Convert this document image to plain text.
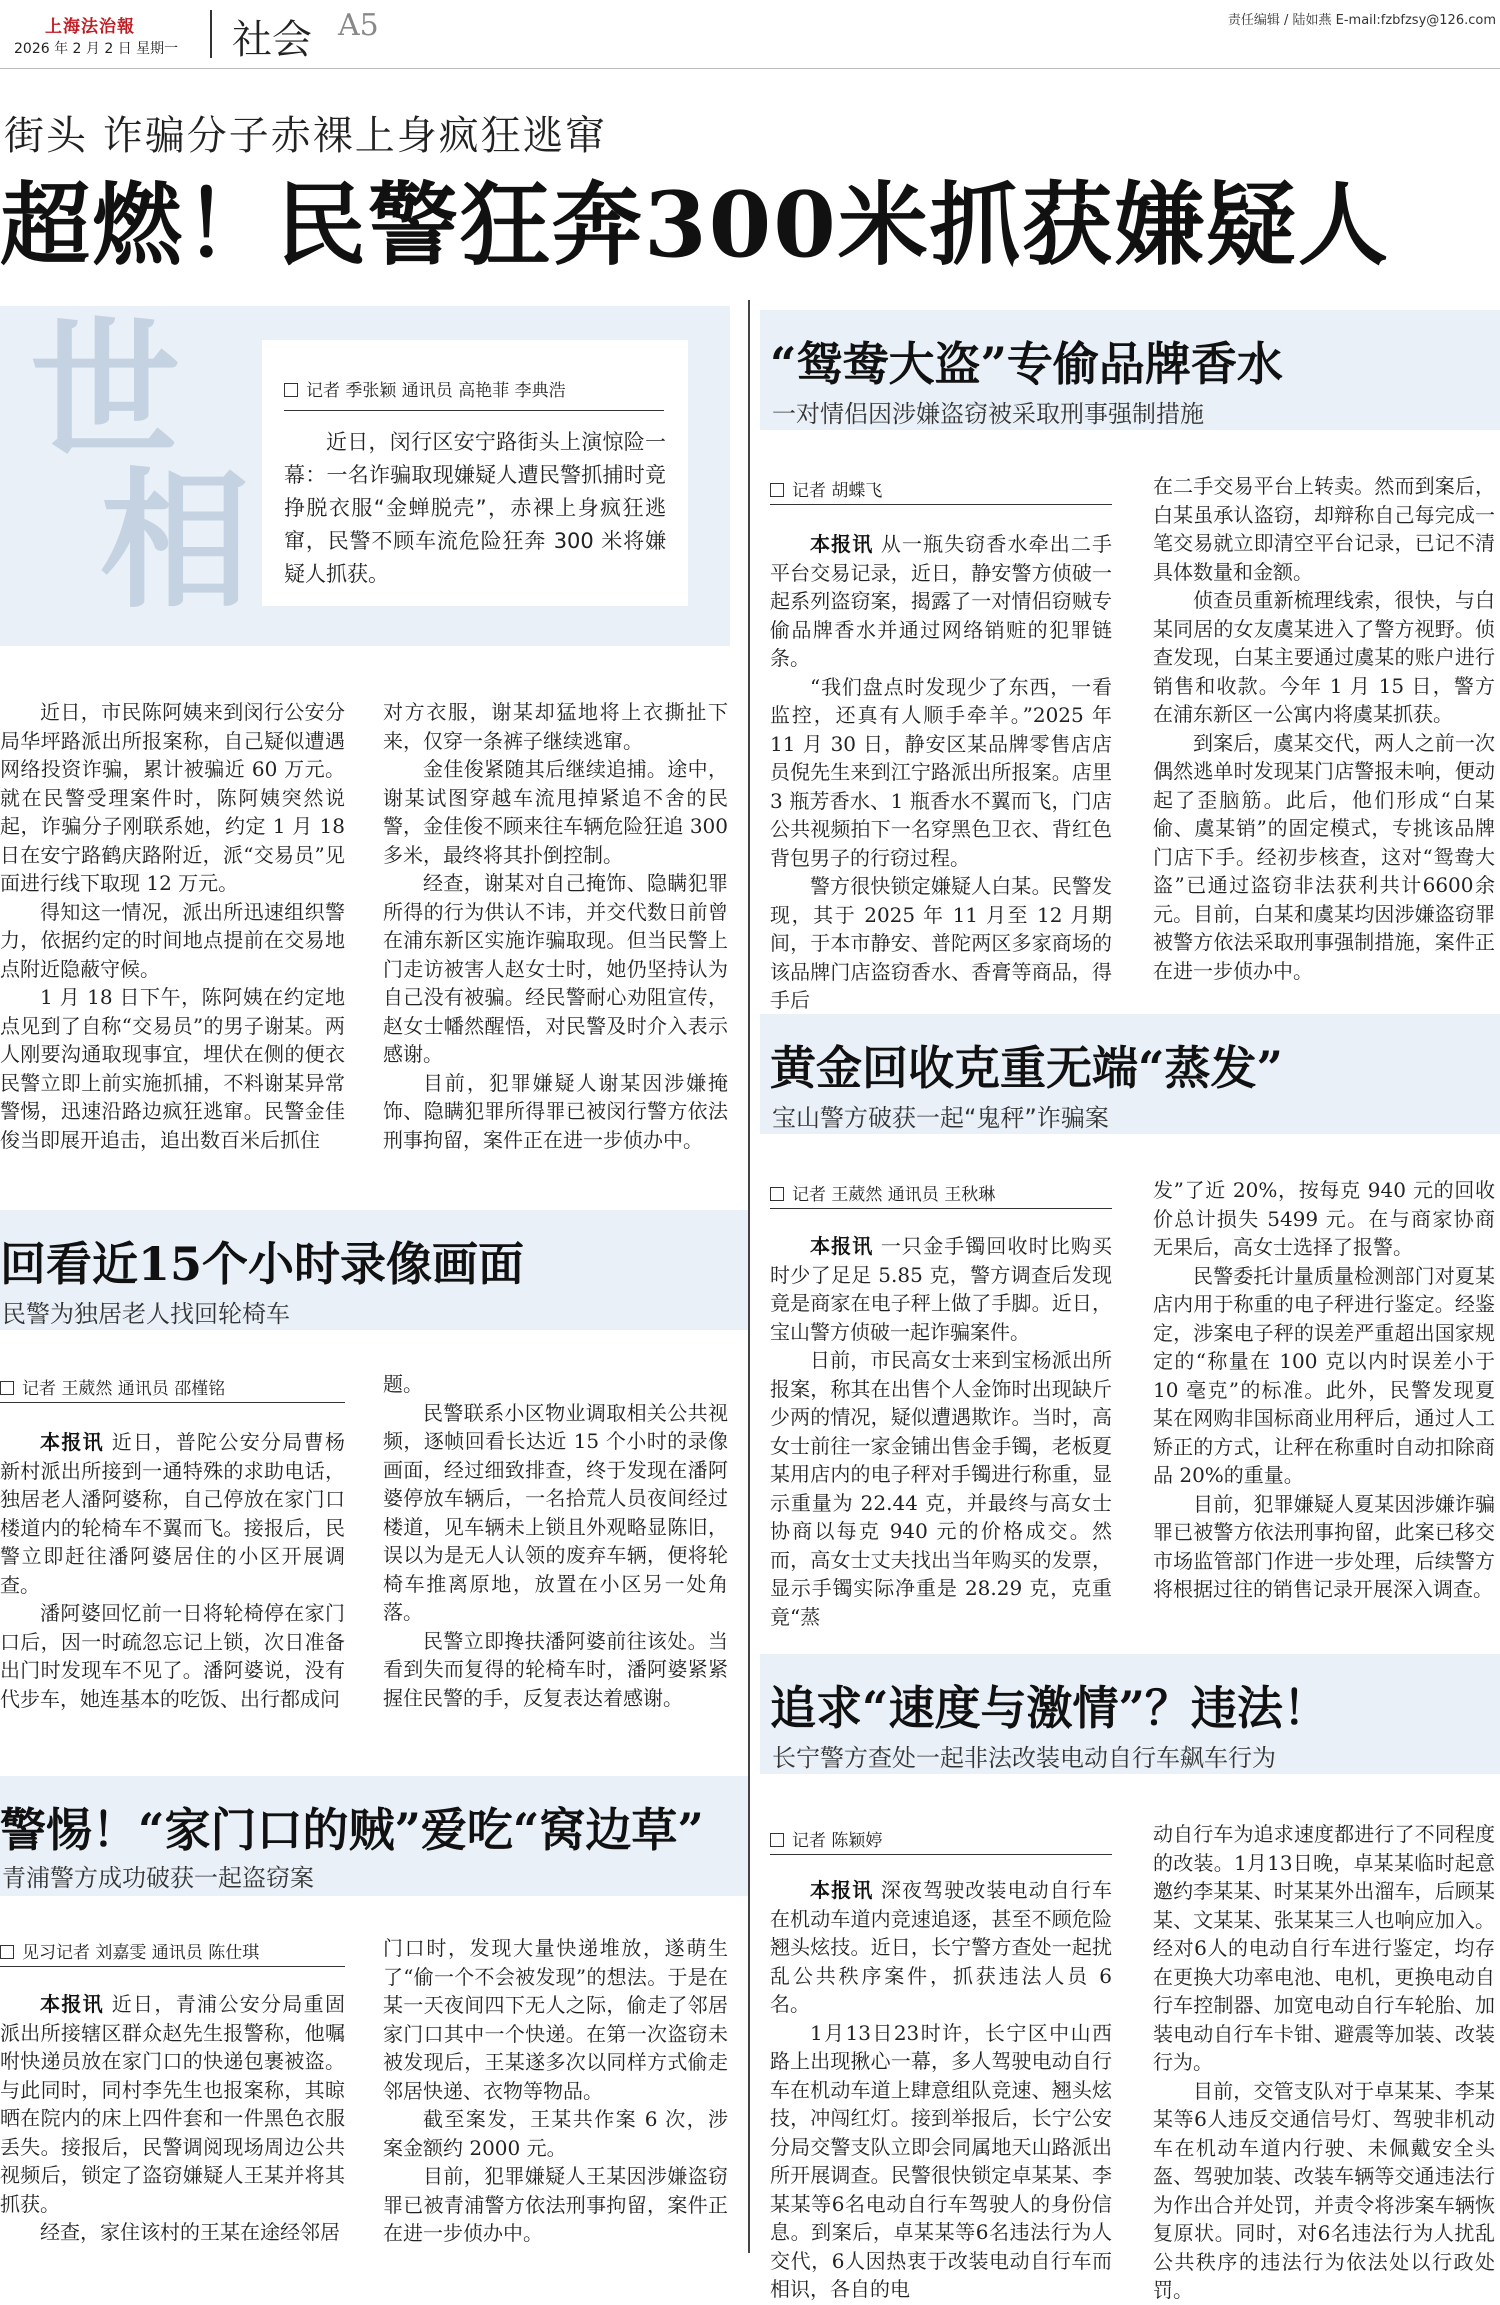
上海法治報
2026 年 2 月 2 日 星期一 社会 A5	责任编辑 / 陆如燕 E-mail:fzbfzsy@126.com
街头 诈骗分子赤裸上身疯狂逃窜
超燃！民警狂奔300米抓获嫌疑人
世
相
记者 季张颖 通讯员 高艳菲 李典浩

近日，闵行区安宁路街头上演惊险一幕：一名诈骗取现嫌疑人遭民警抓捕时竟挣脱衣服“金蝉脱壳”，赤裸上身疯狂逃窜，民警不顾车流危险狂奔 300 米将嫌疑人抓获。

近日，市民陈阿姨来到闵行公安分局华坪路派出所报案称，自己疑似遭遇网络投资诈骗，累计被骗近 60 万元。就在民警受理案件时，陈阿姨突然说起，诈骗分子刚联系她，约定 1 月 18 日在安宁路鹤庆路附近，派“交易员”见面进行线下取现 12 万元。

得知这一情况，派出所迅速组织警力，依据约定的时间地点提前在交易地点附近隐蔽守候。

1 月 18 日下午，陈阿姨在约定地点见到了自称“交易员”的男子谢某。两人刚要沟通取现事宜，埋伏在侧的便衣民警立即上前实施抓捕，不料谢某异常警惕，迅速沿路边疯狂逃窜。民警金佳俊当即展开追击，追出数百米后抓住

对方衣服，谢某却猛地将上衣撕扯下来，仅穿一条裤子继续逃窜。

金佳俊紧随其后继续追捕。途中，谢某试图穿越车流甩掉紧追不舍的民警，金佳俊不顾来往车辆危险狂追 300 多米，最终将其扑倒控制。

经查，谢某对自己掩饰、隐瞒犯罪所得的行为供认不讳，并交代数日前曾在浦东新区实施诈骗取现。但当民警上门走访被害人赵女士时，她仍坚持认为自己没有被骗。经民警耐心劝阻宣传，赵女士幡然醒悟，对民警及时介入表示感谢。

目前，犯罪嫌疑人谢某因涉嫌掩饰、隐瞒犯罪所得罪已被闵行警方依法刑事拘留，案件正在进一步侦办中。

“鸳鸯大盗”专偷品牌香水
一对情侣因涉嫌盗窃被采取刑事强制措施
记者 胡蝶飞

本报讯 从一瓶失窃香水牵出二手平台交易记录，近日，静安警方侦破一起系列盗窃案，揭露了一对情侣窃贼专偷品牌香水并通过网络销赃的犯罪链条。

“我们盘点时发现少了东西，一看监控，还真有人顺手牵羊。”2025 年 11 月 30 日，静安区某品牌零售店店员倪先生来到江宁路派出所报案。店里 3 瓶芳香水、1 瓶香水不翼而飞，门店公共视频拍下一名穿黑色卫衣、背红色背包男子的行窃过程。

警方很快锁定嫌疑人白某。民警发现，其于 2025 年 11 月至 12 月期间，于本市静安、普陀两区多家商场的该品牌门店盗窃香水、香膏等商品，得手后

在二手交易平台上转卖。然而到案后，白某虽承认盗窃，却辩称自己每完成一笔交易就立即清空平台记录，已记不清具体数量和金额。

侦查员重新梳理线索，很快，与白某同居的女友虞某进入了警方视野。侦查发现，白某主要通过虞某的账户进行销售和收款。今年 1 月 15 日，警方在浦东新区一公寓内将虞某抓获。

到案后，虞某交代，两人之前一次偶然逃单时发现某门店警报未响，便动起了歪脑筋。此后，他们形成“白某偷、虞某销”的固定模式，专挑该品牌门店下手。经初步核查，这对“鸳鸯大盗”已通过盗窃非法获利共计6600余元。目前，白某和虞某均因涉嫌盗窃罪被警方依法采取刑事强制措施，案件正在进一步侦办中。

回看近15个小时录像画面
民警为独居老人找回轮椅车
记者 王葳然 通讯员 邵槿铭

本报讯 近日，普陀公安分局曹杨新村派出所接到一通特殊的求助电话，独居老人潘阿婆称，自己停放在家门口楼道内的轮椅车不翼而飞。接报后，民警立即赶往潘阿婆居住的小区开展调查。

潘阿婆回忆前一日将轮椅停在家门口后，因一时疏忽忘记上锁，次日准备出门时发现车不见了。潘阿婆说，没有代步车，她连基本的吃饭、出行都成问

题。

民警联系小区物业调取相关公共视频，逐帧回看长达近 15 个小时的录像画面，经过细致排查，终于发现在潘阿婆停放车辆后，一名拾荒人员夜间经过楼道，见车辆未上锁且外观略显陈旧，误以为是无人认领的废弃车辆，便将轮椅车推离原地，放置在小区另一处角落。

民警立即搀扶潘阿婆前往该处。当看到失而复得的轮椅车时，潘阿婆紧紧握住民警的手，反复表达着感谢。

黄金回收克重无端“蒸发”
宝山警方破获一起“鬼秤”诈骗案
记者 王葳然 通讯员 王秋琳

本报讯 一只金手镯回收时比购买时少了足足 5.85 克，警方调查后发现竟是商家在电子秤上做了手脚。近日，宝山警方侦破一起诈骗案件。

日前，市民高女士来到宝杨派出所报案，称其在出售个人金饰时出现缺斤少两的情况，疑似遭遇欺诈。当时，高女士前往一家金铺出售金手镯，老板夏某用店内的电子秤对手镯进行称重，显示重量为 22.44 克，并最终与高女士协商以每克 940 元的价格成交。然而，高女士丈夫找出当年购买的发票，显示手镯实际净重是 28.29 克，克重竟“蒸

发”了近 20%，按每克 940 元的回收价总计损失 5499 元。在与商家协商无果后，高女士选择了报警。

民警委托计量质量检测部门对夏某店内用于称重的电子秤进行鉴定。经鉴定，涉案电子秤的误差严重超出国家规定的“称量在 100 克以内时误差小于 10 毫克”的标准。此外，民警发现夏某在网购非国标商业用秤后，通过人工矫正的方式，让秤在称重时自动扣除商品 20%的重量。

目前，犯罪嫌疑人夏某因涉嫌诈骗罪已被警方依法刑事拘留，此案已移交市场监管部门作进一步处理，后续警方将根据过往的销售记录开展深入调查。

警惕！“家门口的贼”爱吃“窝边草”
青浦警方成功破获一起盗窃案
见习记者 刘嘉雯 通讯员 陈仕琪

本报讯 近日，青浦公安分局重固派出所接辖区群众赵先生报警称，他嘱咐快递员放在家门口的快递包裹被盗。与此同时，同村李先生也报案称，其晾晒在院内的床上四件套和一件黑色衣服丢失。接报后，民警调阅现场周边公共视频后，锁定了盗窃嫌疑人王某并将其抓获。

经查，家住该村的王某在途经邻居

门口时，发现大量快递堆放，遂萌生了“偷一个不会被发现”的想法。于是在某一天夜间四下无人之际，偷走了邻居家门口其中一个快递。在第一次盗窃未被发现后，王某遂多次以同样方式偷走邻居快递、衣物等物品。

截至案发，王某共作案 6 次，涉案金额约 2000 元。

目前，犯罪嫌疑人王某因涉嫌盗窃罪已被青浦警方依法刑事拘留，案件正在进一步侦办中。

追求“速度与激情”？违法！
长宁警方查处一起非法改装电动自行车飙车行为
记者 陈颖婷

本报讯 深夜驾驶改装电动自行车在机动车道内竞速追逐，甚至不顾危险翘头炫技。近日，长宁警方查处一起扰乱公共秩序案件，抓获违法人员 6 名。

1月13日23时许，长宁区中山西路上出现揪心一幕，多人驾驶电动自行车在机动车道上肆意组队竞速、翘头炫技，冲闯红灯。接到举报后，长宁公安分局交警支队立即会同属地天山路派出所开展调查。民警很快锁定卓某某、李某某等6名电动自行车驾驶人的身份信息。到案后，卓某某等6名违法行为人交代，6人因热衷于改装电动自行车而相识，各自的电

动自行车为追求速度都进行了不同程度的改装。1月13日晚，卓某某临时起意邀约李某某、时某某外出溜车，后顾某某、文某某、张某某三人也响应加入。经对6人的电动自行车进行鉴定，均存在更换大功率电池、电机，更换电动自行车控制器、加宽电动自行车轮胎、加装电动自行车卡钳、避震等加装、改装行为。

目前，交管支队对于卓某某、李某某等6人违反交通信号灯、驾驶非机动车在机动车道内行驶、未佩戴安全头盔、驾驶加装、改装车辆等交通违法行为作出合并处罚，并责令将涉案车辆恢复原状。同时，对6名违法行为人扰乱公共秩序的违法行为依法处以行政处罚。
